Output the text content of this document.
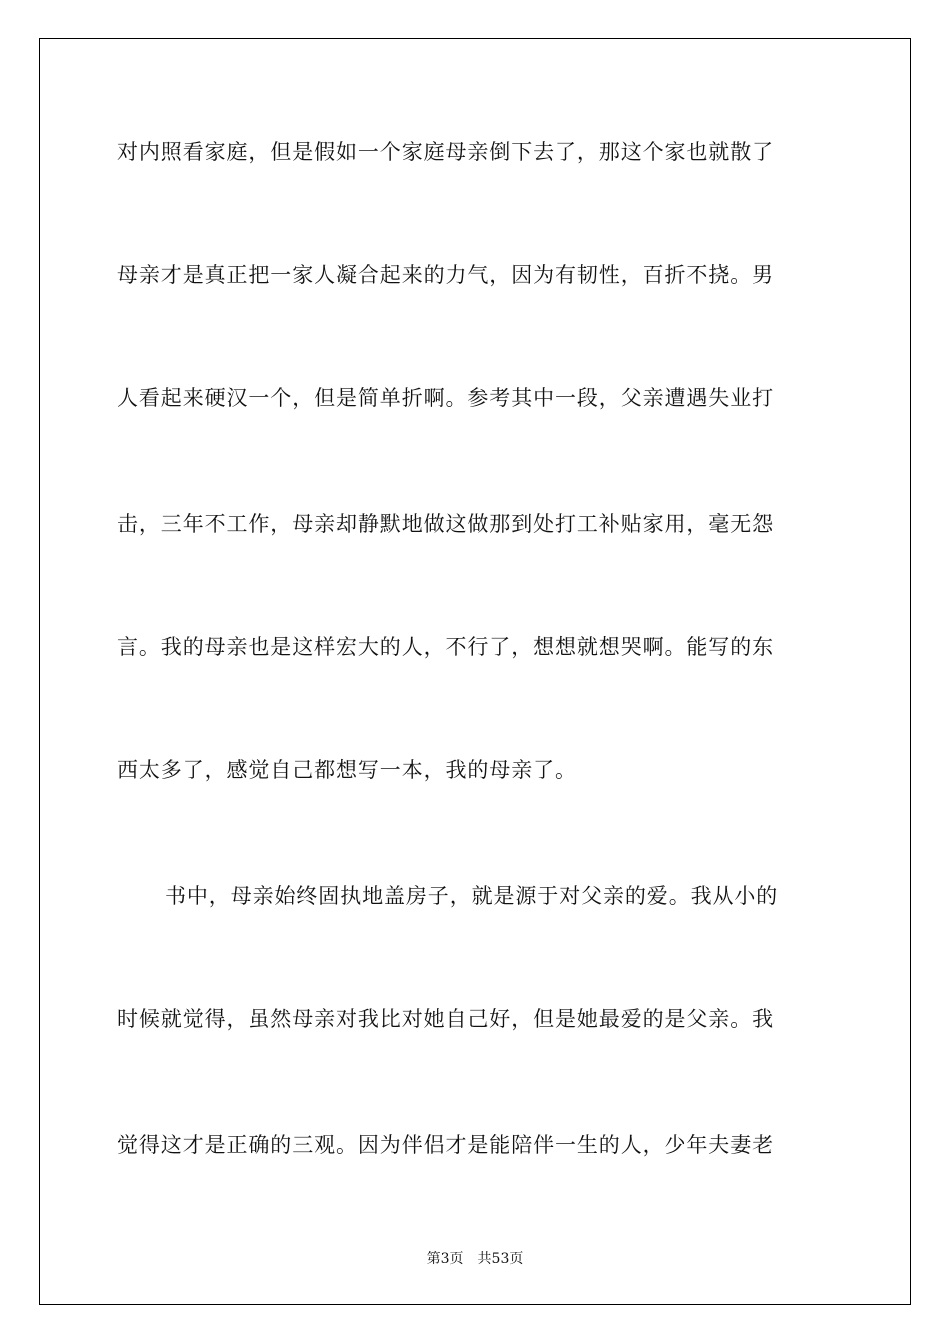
对内照看家庭，但是假如一个家庭母亲倒下去了，那这个家也就散了
母亲才是真正把一家人凝合起来的力气，因为有韧性，百折不挠。男
人看起来硬汉一个，但是简单折啊。参考其中一段，父亲遭遇失业打
击，三年不工作，母亲却静默地做这做那到处打工补贴家用，毫无怨
言。我的母亲也是这样宏大的人，不行了，想想就想哭啊。能写的东
西太多了，感觉自己都想写一本，我的母亲了。
书中，母亲始终固执地盖房子，就是源于对父亲的爱。我从小的
时候就觉得，虽然母亲对我比对她自己好，但是她最爱的是父亲。我
觉得这才是正确的三观。因为伴侣才是能陪伴一生的人，少年夫妻老
第3页　共53页
